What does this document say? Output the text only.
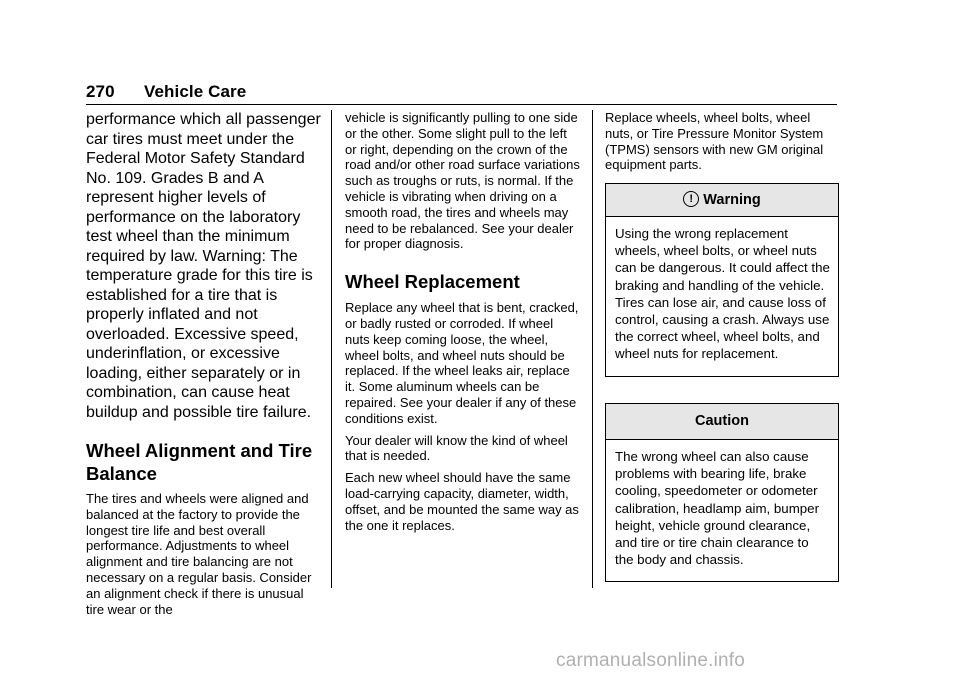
270 Vehicle Care

performance which all passenger car tires must meet under the Federal Motor Safety Standard No. 109. Grades B and A represent higher levels of performance on the laboratory test wheel than the minimum required by law. Warning: The temperature grade for this tire is established for a tire that is properly inflated and not overloaded. Excessive speed, underinflation, or excessive loading, either separately or in combination, can cause heat buildup and possible tire failure.

Wheel Alignment and Tire Balance

The tires and wheels were aligned and balanced at the factory to provide the longest tire life and best overall performance. Adjustments to wheel alignment and tire balancing are not necessary on a regular basis. Consider an alignment check if there is unusual tire wear or the

vehicle is significantly pulling to one side or the other. Some slight pull to the left or right, depending on the crown of the road and/or other road surface variations such as troughs or ruts, is normal. If the vehicle is vibrating when driving on a smooth road, the tires and wheels may need to be rebalanced. See your dealer for proper diagnosis.

Wheel Replacement

Replace any wheel that is bent, cracked, or badly rusted or corroded. If wheel nuts keep coming loose, the wheel, wheel bolts, and wheel nuts should be replaced. If the wheel leaks air, replace it. Some aluminum wheels can be repaired. See your dealer if any of these conditions exist.

Your dealer will know the kind of wheel that is needed.

Each new wheel should have the same load-carrying capacity, diameter, width, offset, and be mounted the same way as the one it replaces.

Replace wheels, wheel bolts, wheel nuts, or Tire Pressure Monitor System (TPMS) sensors with new GM original equipment parts.

! Warning
Using the wrong replacement wheels, wheel bolts, or wheel nuts can be dangerous. It could affect the braking and handling of the vehicle. Tires can lose air, and cause loss of control, causing a crash. Always use the correct wheel, wheel bolts, and wheel nuts for replacement.
Caution
The wrong wheel can also cause problems with bearing life, brake cooling, speedometer or odometer calibration, headlamp aim, bumper height, vehicle ground clearance, and tire or tire chain clearance to the body and chassis.
carmanualsonline.info
